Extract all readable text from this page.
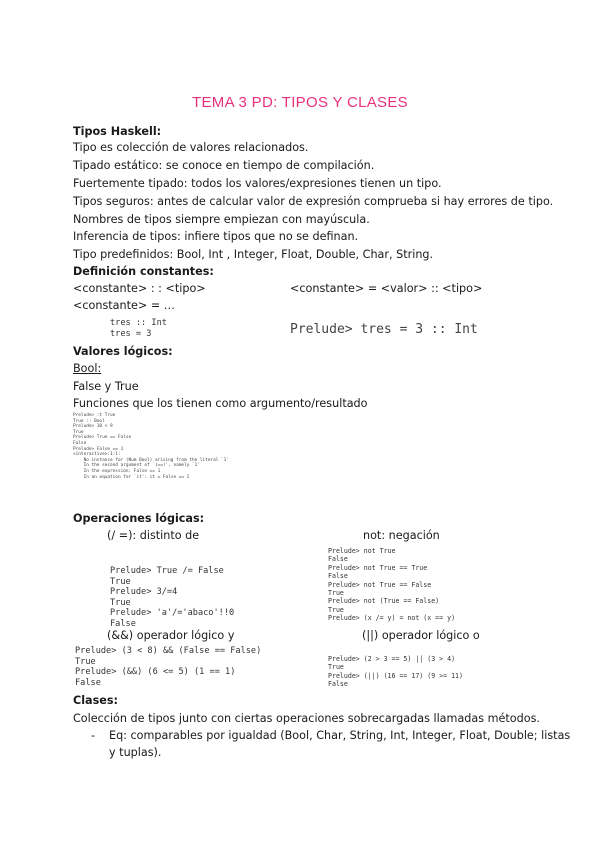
TEMA 3 PD: TIPOS Y CLASES
Tipos Haskell:
Tipo es colección de valores relacionados.
Tipado estático: se conoce en tiempo de compilación.
Fuertemente tipado: todos los valores/expresiones tienen un tipo.
Tipos seguros: antes de calcular valor de expresión comprueba si hay errores de tipo.
Nombres de tipos siempre empiezan con mayúscula.
Inferencia de tipos: infiere tipos que no se definan.
Tipo predefinidos: Bool, Int , Integer, Float, Double, Char, String.
Definición constantes:
<constante> : : <tipo>	<constante> = <valor> :: <tipo>
<constante> = …
tres :: Int
tres = 3	Prelude> tres = 3 :: Int
Valores lógicos:
Bool:
False y True
Funciones que los tienen como argumento/resultado
Prelude> :t True
True :: Bool
Prelude> 10 < 9
True
Prelude> True == False
False
Prelude> False == 1
<interactive>:1:1:
No instance for (Num Bool) arising from the literal `1'
In the second argument of `(==)', namely `1'
In the expression: False == 1
In an equation for `it': it = False == 1
Operaciones lógicas:
(/ =): distinto de	not: negación
Prelude> not True
False
Prelude> not True == True
False
Prelude> not True == False
True
Prelude> not (True == False)
True
Prelude> (x /= y) = not (x == y)
Prelude> True /= False
True
Prelude> 3/=4
True
Prelude> 'a'/='abaco'!!0
False
(&&) operador lógico y	(||) operador lógico o
Prelude> (3 < 8) && (False == False)
True
Prelude> (&&) (6 <= 5) (1 == 1)
False
Prelude> (2 > 3 == 5) || (3 > 4)
True
Prelude> (||) (16 == 17) (9 >= 11)
False
Clases:
Colección de tipos junto con ciertas operaciones sobrecargadas llamadas métodos.
- Eq: comparables por igualdad (Bool, Char, String, Int, Integer, Float, Double; listas
y tuplas).
